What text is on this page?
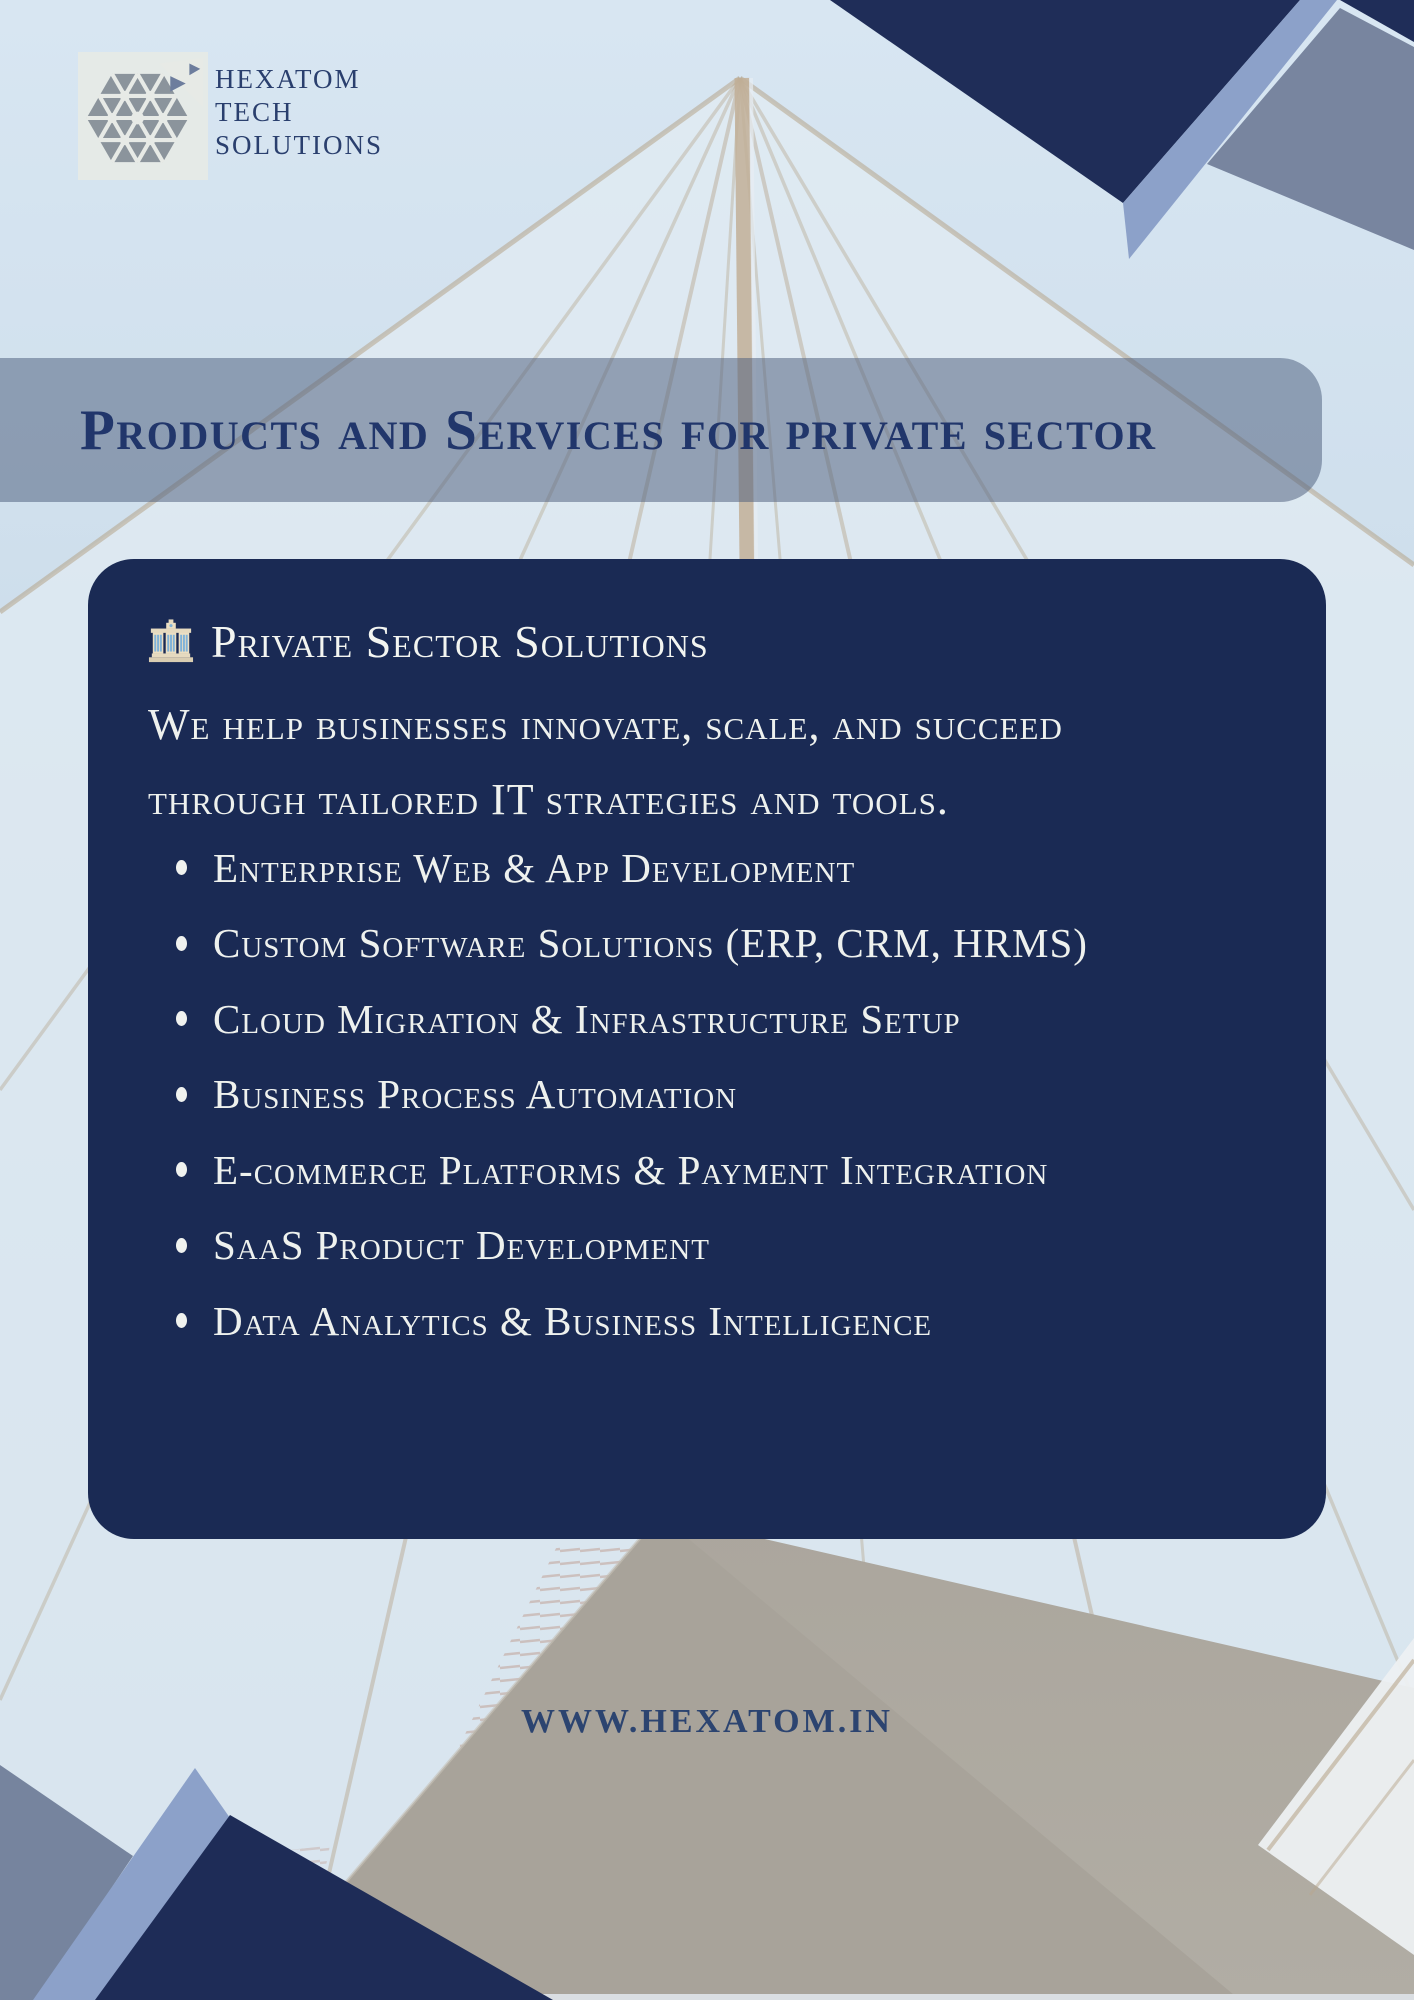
HEXATOM
TECH
SOLUTIONS
Products and Services for private sector
Private Sector Solutions
We help businesses innovate, scale, and succeed
through tailored IT strategies and tools.
Enterprise Web & App Development
Custom Software Solutions (ERP, CRM, HRMS)
Cloud Migration & Infrastructure Setup
Business Process Automation
E-commerce Platforms & Payment Integration
SaaS Product Development
Data Analytics & Business Intelligence
WWW.HEXATOM.IN
